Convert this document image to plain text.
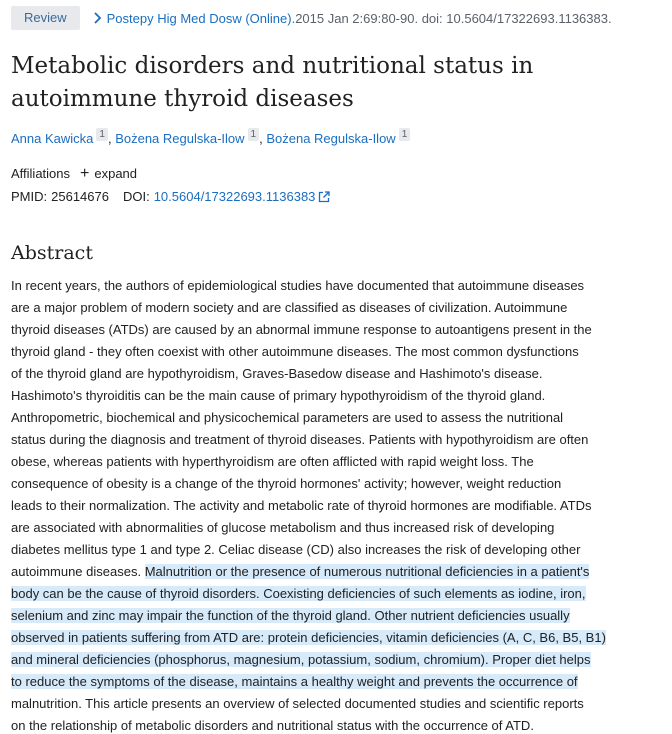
Review	Postepy Hig Med Dosw (Online). 2015 Jan 2:69:80-90. doi: 10.5604/17322693.1136383.
Metabolic disorders and nutritional status in
autoimmune thyroid diseases
Anna Kawicka 1 , Bożena Regulska-Ilow 1 , Bożena Regulska-Ilow 1
Affiliations + expand
PMID: 25614676 DOI: 10.5604/17322693.1136383
Abstract
In recent years, the authors of epidemiological studies have documented that autoimmune diseases
are a major problem of modern society and are classified as diseases of civilization. Autoimmune
thyroid diseases (ATDs) are caused by an abnormal immune response to autoantigens present in the
thyroid gland - they often coexist with other autoimmune diseases. The most common dysfunctions
of the thyroid gland are hypothyroidism, Graves-Basedow disease and Hashimoto's disease.
Hashimoto's thyroiditis can be the main cause of primary hypothyroidism of the thyroid gland.
Anthropometric, biochemical and physicochemical parameters are used to assess the nutritional
status during the diagnosis and treatment of thyroid diseases. Patients with hypothyroidism are often
obese, whereas patients with hyperthyroidism are often afflicted with rapid weight loss. The
consequence of obesity is a change of the thyroid hormones' activity; however, weight reduction
leads to their normalization. The activity and metabolic rate of thyroid hormones are modifiable. ATDs
are associated with abnormalities of glucose metabolism and thus increased risk of developing
diabetes mellitus type 1 and type 2. Celiac disease (CD) also increases the risk of developing other
autoimmune diseases. Malnutrition or the presence of numerous nutritional deficiencies in a patient's
body can be the cause of thyroid disorders. Coexisting deficiencies of such elements as iodine, iron,
selenium and zinc may impair the function of the thyroid gland. Other nutrient deficiencies usually
observed in patients suffering from ATD are: protein deficiencies, vitamin deficiencies (A, C, B6, B5, B1)
and mineral deficiencies (phosphorus, magnesium, potassium, sodium, chromium). Proper diet helps
to reduce the symptoms of the disease, maintains a healthy weight and prevents the occurrence of
malnutrition. This article presents an overview of selected documented studies and scientific reports
on the relationship of metabolic disorders and nutritional status with the occurrence of ATD.
